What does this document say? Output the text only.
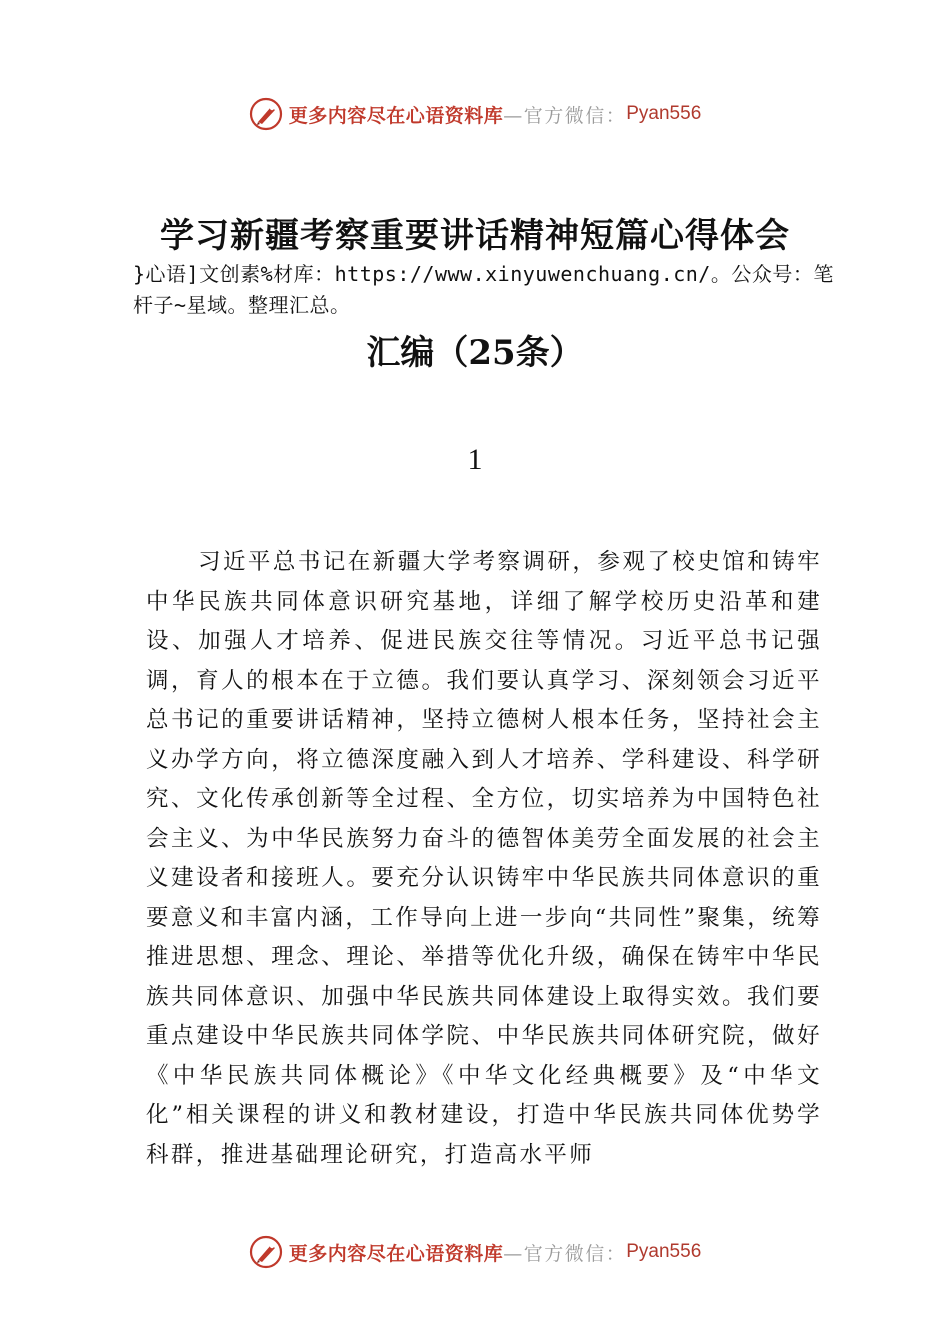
更多内容尽在心语资料库 —官方微信： Pyan556
学习新疆考察重要讲话精神短篇心得体会
}心语]文创素%材库：https://www.xinyuwenchuang.cn/。公众号：笔杆子~星域。整理汇总。
汇编（25条）
1

习近平总书记在新疆大学考察调研，参观了校史馆和铸牢中华民族共同体意识研究基地，详细了解学校历史沿革和建设、加强人才培养、促进民族交往等情况。习近平总书记强调，育人的根本在于立德。我们要认真学习、深刻领会习近平总书记的重要讲话精神，坚持立德树人根本任务，坚持社会主义办学方向，将立德深度融入到人才培养、学科建设、科学研究、文化传承创新等全过程、全方位，切实培养为中国特色社会主义、为中华民族努力奋斗的德智体美劳全面发展的社会主义建设者和接班人。要充分认识铸牢中华民族共同体意识的重要意义和丰富内涵，工作导向上进一步向“共同性”聚集，统筹推进思想、理念、理论、举措等优化升级，确保在铸牢中华民族共同体意识、加强中华民族共同体建设上取得实效。我们要重点建设中华民族共同体学院、中华民族共同体研究院，做好《中华民族共同体概论》《中华文化经典概要》及“中华文化”相关课程的讲义和教材建设，打造中华民族共同体优势学科群，推进基础理论研究，打造高水平师

更多内容尽在心语资料库 —官方微信： Pyan556
